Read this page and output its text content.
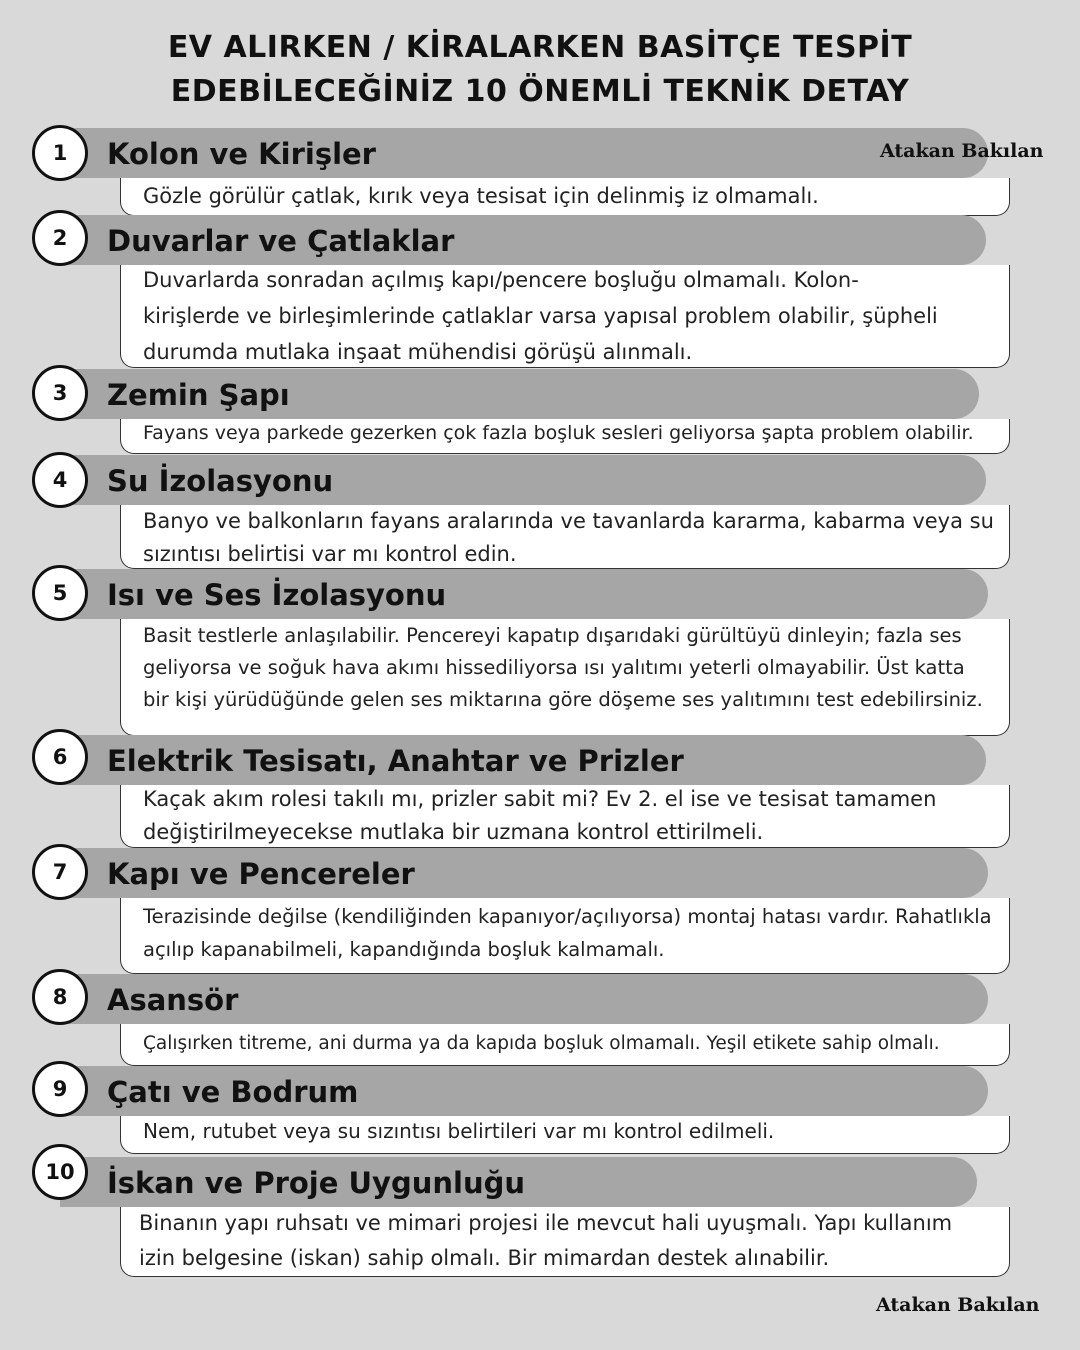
EV ALIRKEN / KİRALARKEN BASİTÇE TESPİT
EDEBİLECEĞİNİZ 10 ÖNEMLİ TEKNİK DETAY
Kolon ve Kirişler
1
Gözle görülür çatlak, kırık veya tesisat için delinmiş iz olmamalı.
Duvarlar ve Çatlaklar
2
Duvarlarda sonradan açılmış kapı/pencere boşluğu olmamalı. Kolon-
kirişlerde ve birleşimlerinde çatlaklar varsa yapısal problem olabilir, şüpheli
durumda mutlaka inşaat mühendisi görüşü alınmalı.
Zemin Şapı
3
Fayans veya parkede gezerken çok fazla boşluk sesleri geliyorsa şapta problem olabilir.
Su İzolasyonu
4
Banyo ve balkonların fayans aralarında ve tavanlarda kararma, kabarma veya su
sızıntısı belirtisi var mı kontrol edin.
Isı ve Ses İzolasyonu
5
Basit testlerle anlaşılabilir. Pencereyi kapatıp dışarıdaki gürültüyü dinleyin; fazla ses
geliyorsa ve soğuk hava akımı hissediliyorsa ısı yalıtımı yeterli olmayabilir. Üst katta
bir kişi yürüdüğünde gelen ses miktarına göre döşeme ses yalıtımını test edebilirsiniz.
Elektrik Tesisatı, Anahtar ve Prizler
6
Kaçak akım rolesi takılı mı, prizler sabit mi? Ev 2. el ise ve tesisat tamamen
değiştirilmeyecekse mutlaka bir uzmana kontrol ettirilmeli.
Kapı ve Pencereler
7
Terazisinde değilse (kendiliğinden kapanıyor/açılıyorsa) montaj hatası vardır. Rahatlıkla
açılıp kapanabilmeli, kapandığında boşluk kalmamalı.
Asansör
8
Çalışırken titreme, ani durma ya da kapıda boşluk olmamalı. Yeşil etikete sahip olmalı.
Çatı ve Bodrum
9
Nem, rutubet veya su sızıntısı belirtileri var mı kontrol edilmeli.
İskan ve Proje Uygunluğu
10
Binanın yapı ruhsatı ve mimari projesi ile mevcut hali uyuşmalı. Yapı kullanım
izin belgesine (iskan) sahip olmalı. Bir mimardan destek alınabilir.
Atakan Bakılan
Atakan Bakılan
